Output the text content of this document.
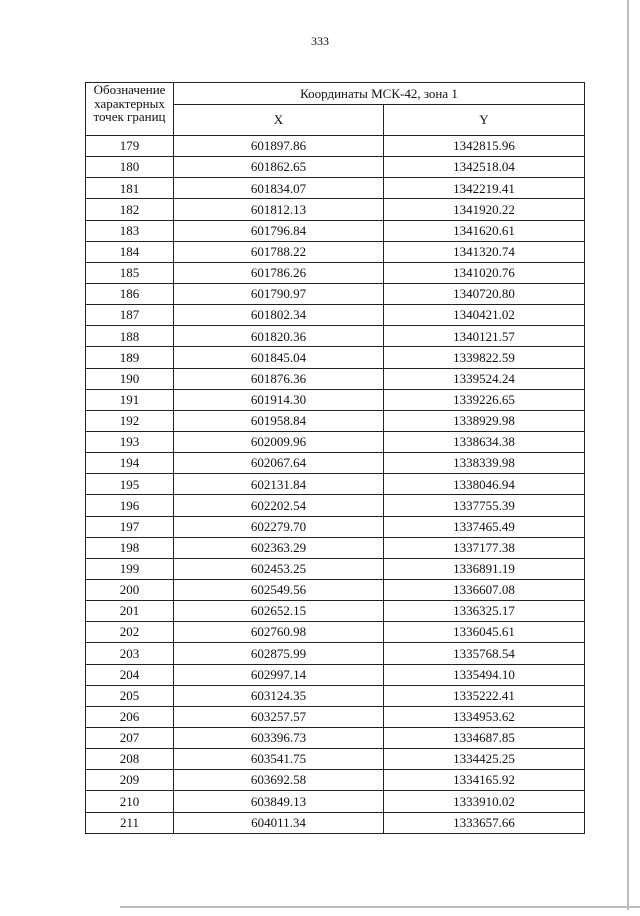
333
Обозначение
характерных
точек границ	Координаты МСК-42, зона 1	
	X	Y
179	601897.86	1342815.96
180	601862.65	1342518.04
181	601834.07	1342219.41
182	601812.13	1341920.22
183	601796.84	1341620.61
184	601788.22	1341320.74
185	601786.26	1341020.76
186	601790.97	1340720.80
187	601802.34	1340421.02
188	601820.36	1340121.57
189	601845.04	1339822.59
190	601876.36	1339524.24
191	601914.30	1339226.65
192	601958.84	1338929.98
193	602009.96	1338634.38
194	602067.64	1338339.98
195	602131.84	1338046.94
196	602202.54	1337755.39
197	602279.70	1337465.49
198	602363.29	1337177.38
199	602453.25	1336891.19
200	602549.56	1336607.08
201	602652.15	1336325.17
202	602760.98	1336045.61
203	602875.99	1335768.54
204	602997.14	1335494.10
205	603124.35	1335222.41
206	603257.57	1334953.62
207	603396.73	1334687.85
208	603541.75	1334425.25
209	603692.58	1334165.92
210	603849.13	1333910.02
211	604011.34	1333657.66
